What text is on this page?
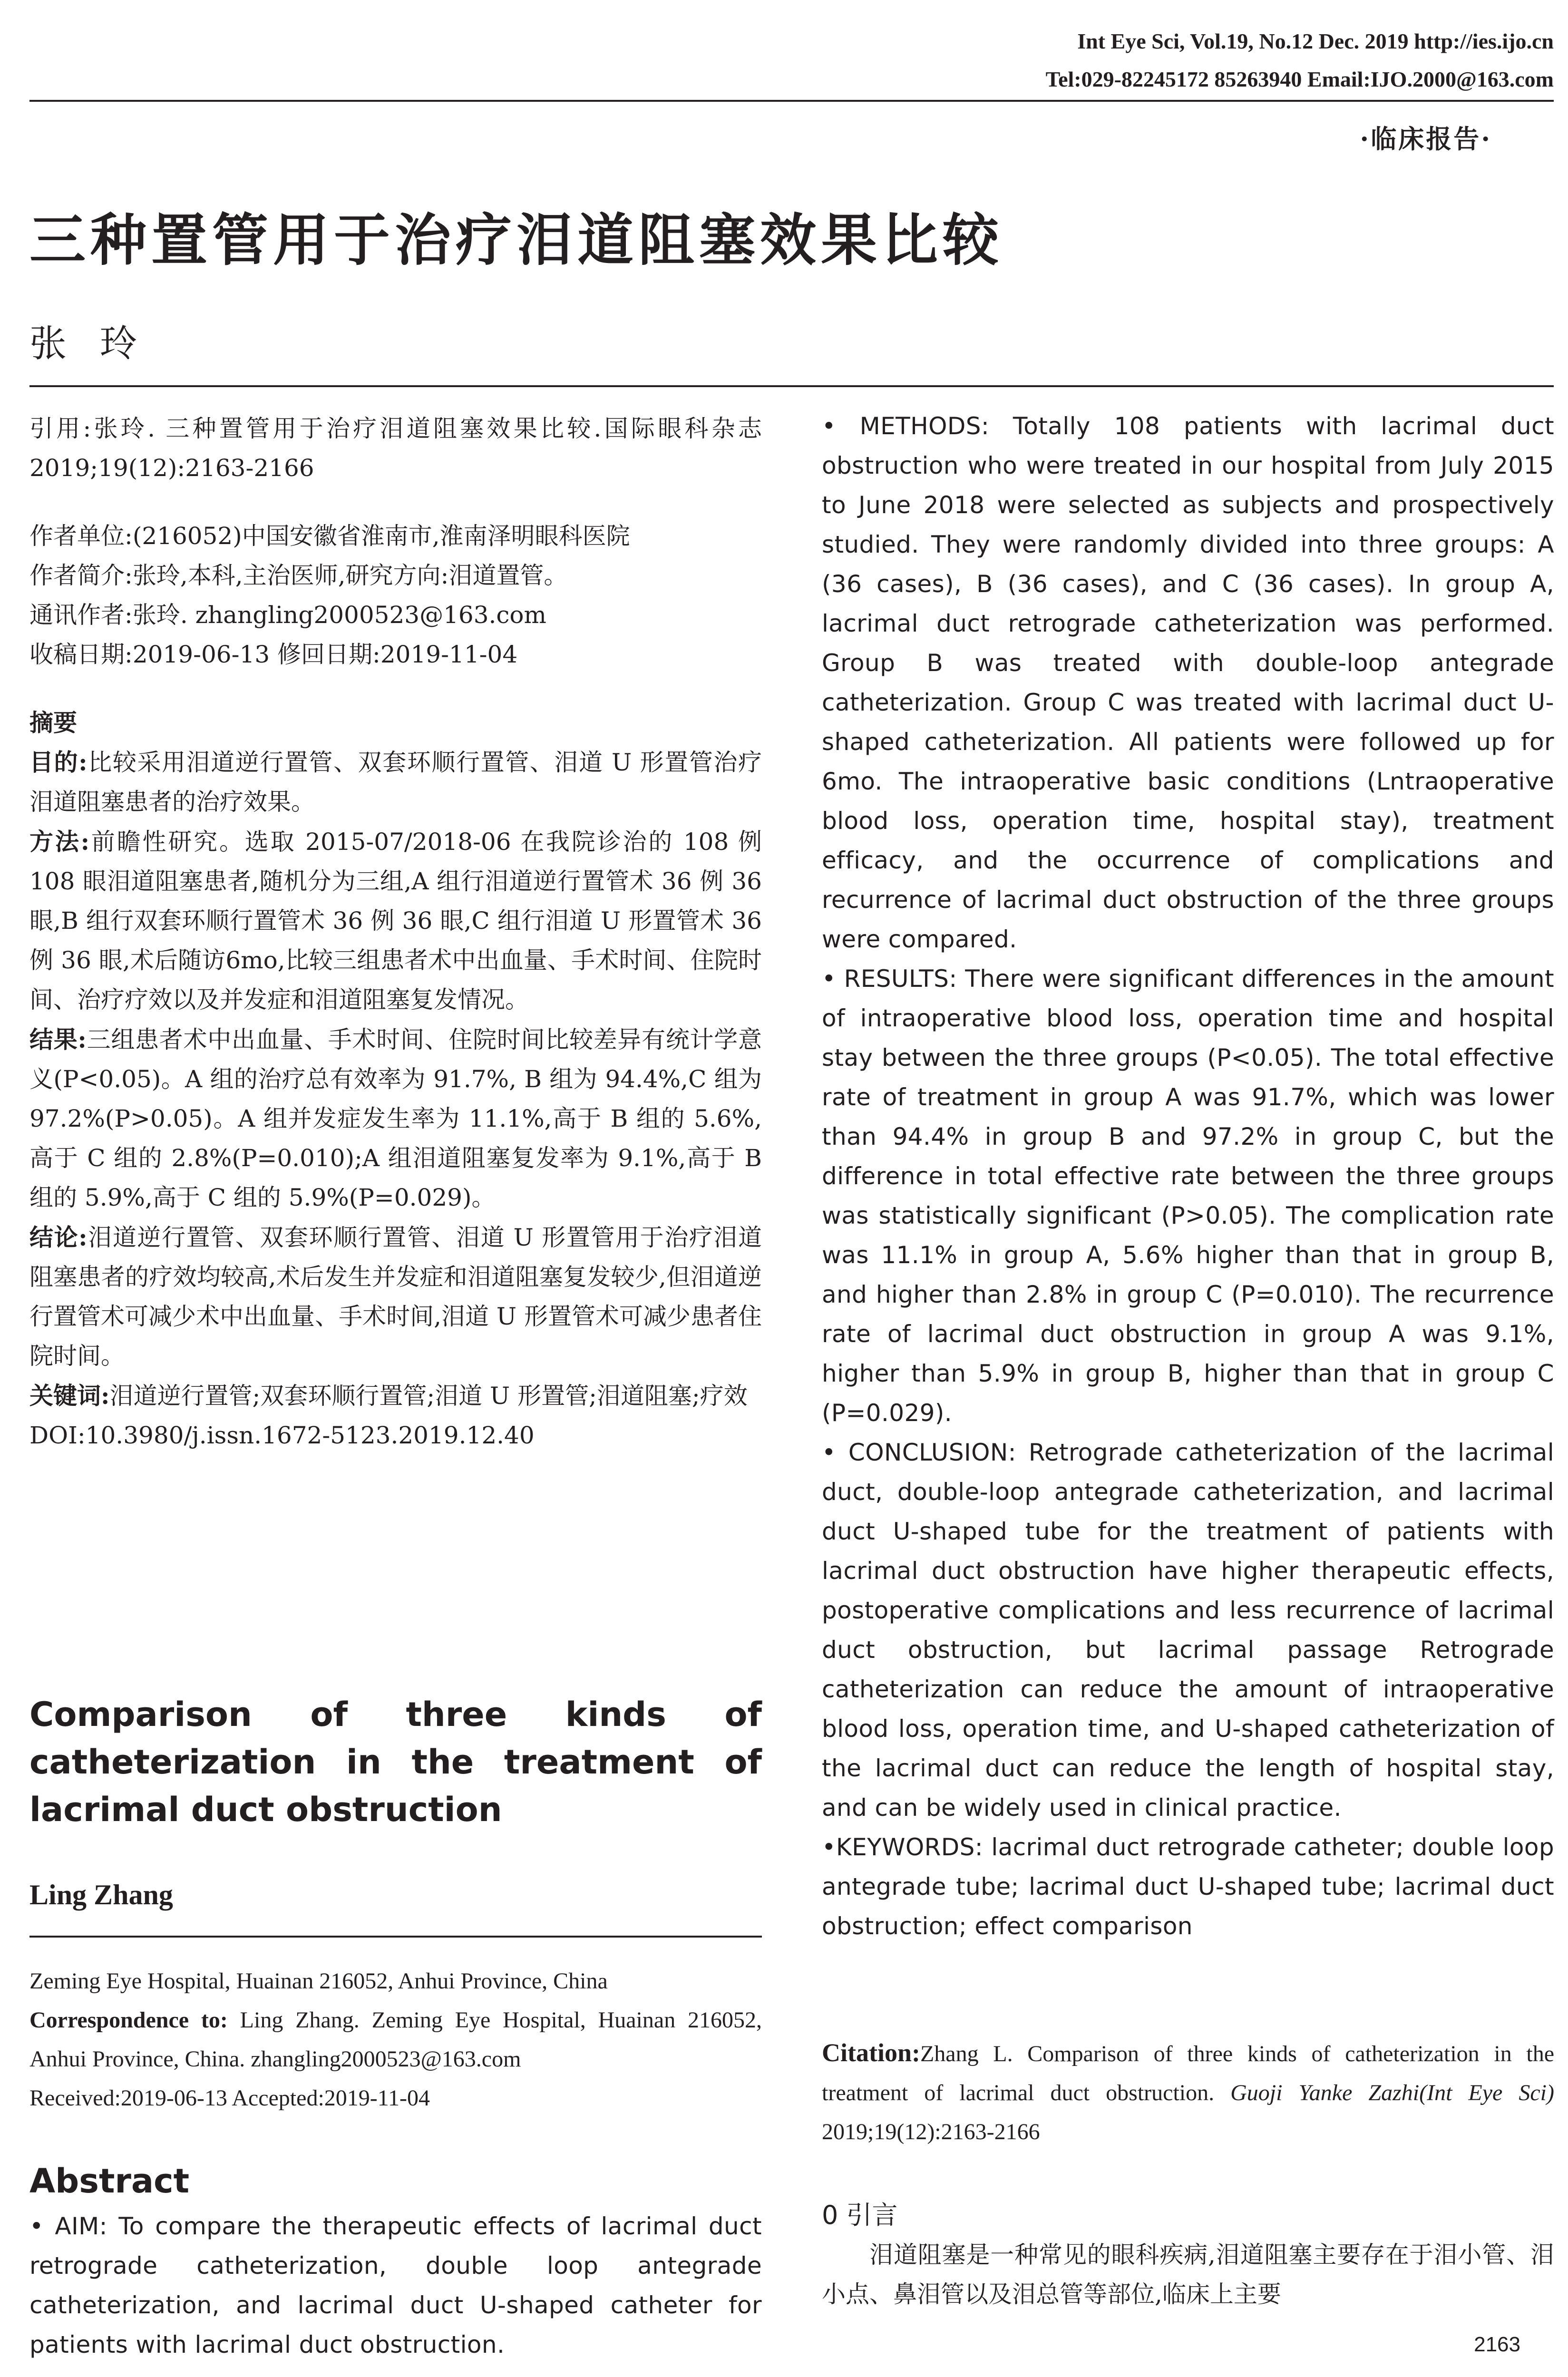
Int Eye Sci, Vol.19, No.12 Dec. 2019 http://ies.ijo.cn
Tel:029-82245172 85263940 Email:IJO.2000@163.com
·临床报告·
三种置管用于治疗泪道阻塞效果比较
张玲

引用:张玲. 三种置管用于治疗泪道阻塞效果比较.国际眼科杂志 2019;19(12):2163-2166

作者单位:(216052)中国安徽省淮南市,淮南泽明眼科医院

作者简介:张玲,本科,主治医师,研究方向:泪道置管。

通讯作者:张玲. zhangling2000523@163.com

收稿日期:2019-06-13 修回日期:2019-11-04

摘要

目的:比较采用泪道逆行置管、双套环顺行置管、泪道 U 形置管治疗泪道阻塞患者的治疗效果。

方法:前瞻性研究。选取 2015-07/2018-06 在我院诊治的 108 例 108 眼泪道阻塞患者,随机分为三组,A 组行泪道逆行置管术 36 例 36 眼,B 组行双套环顺行置管术 36 例 36 眼,C 组行泪道 U 形置管术 36 例 36 眼,术后随访6mo,比较三组患者术中出血量、手术时间、住院时间、治疗疗效以及并发症和泪道阻塞复发情况。

结果:三组患者术中出血量、手术时间、住院时间比较差异有统计学意义(P<0.05)。A 组的治疗总有效率为 91.7%, B 组为 94.4%,C 组为 97.2%(P>0.05)。A 组并发症发生率为 11.1%,高于 B 组的 5.6%,高于 C 组的 2.8%(P=0.010);A 组泪道阻塞复发率为 9.1%,高于 B 组的 5.9%,高于 C 组的 5.9%(P=0.029)。

结论:泪道逆行置管、双套环顺行置管、泪道 U 形置管用于治疗泪道阻塞患者的疗效均较高,术后发生并发症和泪道阻塞复发较少,但泪道逆行置管术可减少术中出血量、手术时间,泪道 U 形置管术可减少患者住院时间。

关键词:泪道逆行置管;双套环顺行置管;泪道 U 形置管;泪道阻塞;疗效

DOI:10.3980/j.issn.1672-5123.2019.12.40

Comparison of three kinds of catheterization in the treatment of lacrimal duct obstruction
Ling Zhang

Zeming Eye Hospital, Huainan 216052, Anhui Province, China

Correspondence to: Ling Zhang. Zeming Eye Hospital, Huainan 216052, Anhui Province, China. zhangling2000523@163.com

Received:2019-06-13 Accepted:2019-11-04

Abstract
• AIM: To compare the therapeutic effects of lacrimal duct retrograde catheterization, double loop antegrade catheterization, and lacrimal duct U-shaped catheter for patients with lacrimal duct obstruction.

• METHODS: Totally 108 patients with lacrimal duct obstruction who were treated in our hospital from July 2015 to June 2018 were selected as subjects and prospectively studied. They were randomly divided into three groups: A (36 cases), B (36 cases), and C (36 cases). In group A, lacrimal duct retrograde catheterization was performed. Group B was treated with double-loop antegrade catheterization. Group C was treated with lacrimal duct U-shaped catheterization. All patients were followed up for 6mo. The intraoperative basic conditions (Lntraoperative blood loss, operation time, hospital stay), treatment efficacy, and the occurrence of complications and recurrence of lacrimal duct obstruction of the three groups were compared.

• RESULTS: There were significant differences in the amount of intraoperative blood loss, operation time and hospital stay between the three groups (P<0.05). The total effective rate of treatment in group A was 91.7%, which was lower than 94.4% in group B and 97.2% in group C, but the difference in total effective rate between the three groups was statistically significant (P>0.05). The complication rate was 11.1% in group A, 5.6% higher than that in group B, and higher than 2.8% in group C (P=0.010). The recurrence rate of lacrimal duct obstruction in group A was 9.1%, higher than 5.9% in group B, higher than that in group C (P=0.029).

• CONCLUSION: Retrograde catheterization of the lacrimal duct, double-loop antegrade catheterization, and lacrimal duct U-shaped tube for the treatment of patients with lacrimal duct obstruction have higher therapeutic effects, postoperative complications and less recurrence of lacrimal duct obstruction, but lacrimal passage Retrograde catheterization can reduce the amount of intraoperative blood loss, operation time, and U-shaped catheterization of the lacrimal duct can reduce the length of hospital stay, and can be widely used in clinical practice.

•KEYWORDS: lacrimal duct retrograde catheter; double loop antegrade tube; lacrimal duct U-shaped tube; lacrimal duct obstruction; effect comparison

Citation:Zhang L. Comparison of three kinds of catheterization in the treatment of lacrimal duct obstruction. Guoji Yanke Zazhi(Int Eye Sci) 2019;19(12):2163-2166
0 引言
泪道阻塞是一种常见的眼科疾病,泪道阻塞主要存在于泪小管、泪小点、鼻泪管以及泪总管等部位,临床上主要
2163
